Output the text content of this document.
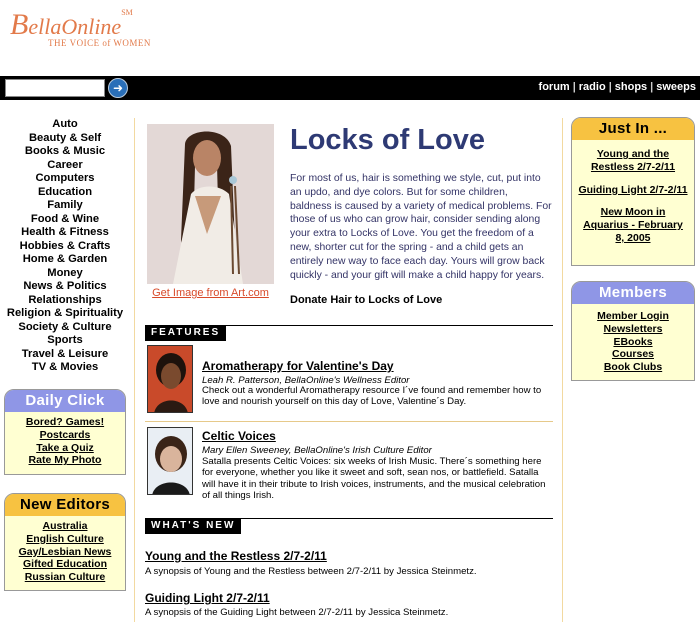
BellaOnline℠
THE VOICE of WOMEN
➜	forum | radio | shops | sweeps
Auto
Beauty & Self
Books & Music
Career
Computers
Education
Family
Food & Wine
Health & Fitness
Hobbies & Crafts
Home & Garden
Money
News & Politics
Relationships
Religion & Spirituality
Society & Culture
Sports
Travel & Leisure
TV & Movies
Daily Click
Bored? Games!
Postcards
Take a Quiz
Rate My Photo
New Editors
Australia
English Culture
Gay/Lesbian News
Gifted Education
Russian Culture
Get Image from Art.com
Locks of Love
For most of us, hair is something we style, cut, put into an updo, and dye colors. But for some children, baldness is caused by a variety of medical problems. For those of us who can grow hair, consider sending along your extra to Locks of Love. You get the freedom of a new, shorter cut for the spring - and a child gets an entirely new way to face each day. Yours will grow back quickly - and your gift will make a child happy for years.
Donate Hair to Locks of Love
FEATURES
Aromatherapy for Valentine's Day
Leah R. Patterson, BellaOnline's Wellness Editor
Check out a wonderful Aromatherapy resource I´ve found and remember how to love and nourish yourself on this day of Love, Valentine´s Day.
Celtic Voices
Mary Ellen Sweeney, BellaOnline's Irish Culture Editor
Satalla presents Celtic Voices: six weeks of Irish Music. There´s something here for everyone, whether you like it sweet and soft, sean nos, or battlefield. Satalla will have it in their tribute to Irish voices, instruments, and the musical celebration of all things Irish.
WHAT'S NEW
Young and the Restless 2/7-2/11
A synopsis of Young and the Restless between 2/7-2/11 by Jessica Steinmetz.
Guiding Light 2/7-2/11
A synopsis of the Guiding Light between 2/7-2/11 by Jessica Steinmetz.
Just In ...
Young and the Restless 2/7-2/11
Guiding Light 2/7-2/11
New Moon in Aquarius - February 8, 2005
Members
Member Login
Newsletters
EBooks
Courses
Book Clubs
